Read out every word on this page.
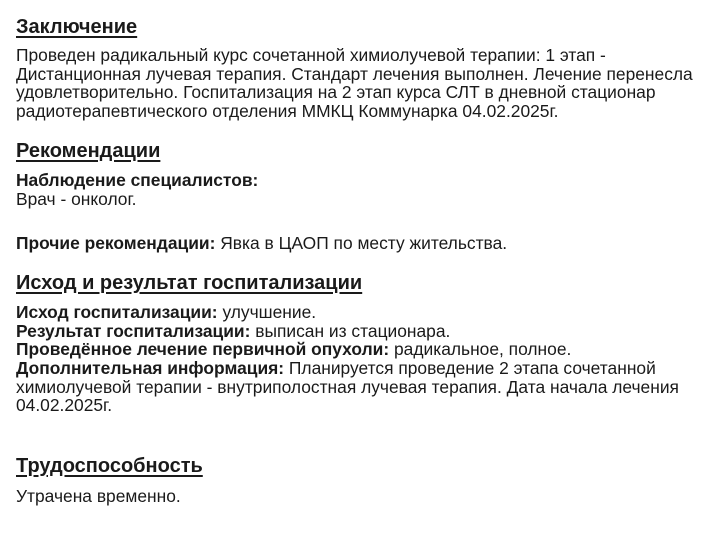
Заключение

Проведен радикальный курс сочетанной химиолучевой терапии: 1 этап - Дистанционная лучевая терапия. Стандарт лечения выполнен. Лечение перенесла удовлетворительно. Госпитализация на 2 этап курса СЛТ в дневной стационар радиотерапевтического отделения ММКЦ Коммунарка 04.02.2025г.

Рекомендации
Наблюдение специалистов:
Врач - онколог.

Прочие рекомендации: Явка в ЦАОП по месту жительства.

Исход и результат госпитализации

Исход госпитализации: улучшение.

Результат госпитализации: выписан из стационара.

Проведённое лечение первичной опухоли: радикальное, полное.

Дополнительная информация: Планируется проведение 2 этапа сочетанной химиолучевой терапии - внутриполостная лучевая терапия. Дата начала лечения 04.02.2025г.

Трудоспособность

Утрачена временно.
